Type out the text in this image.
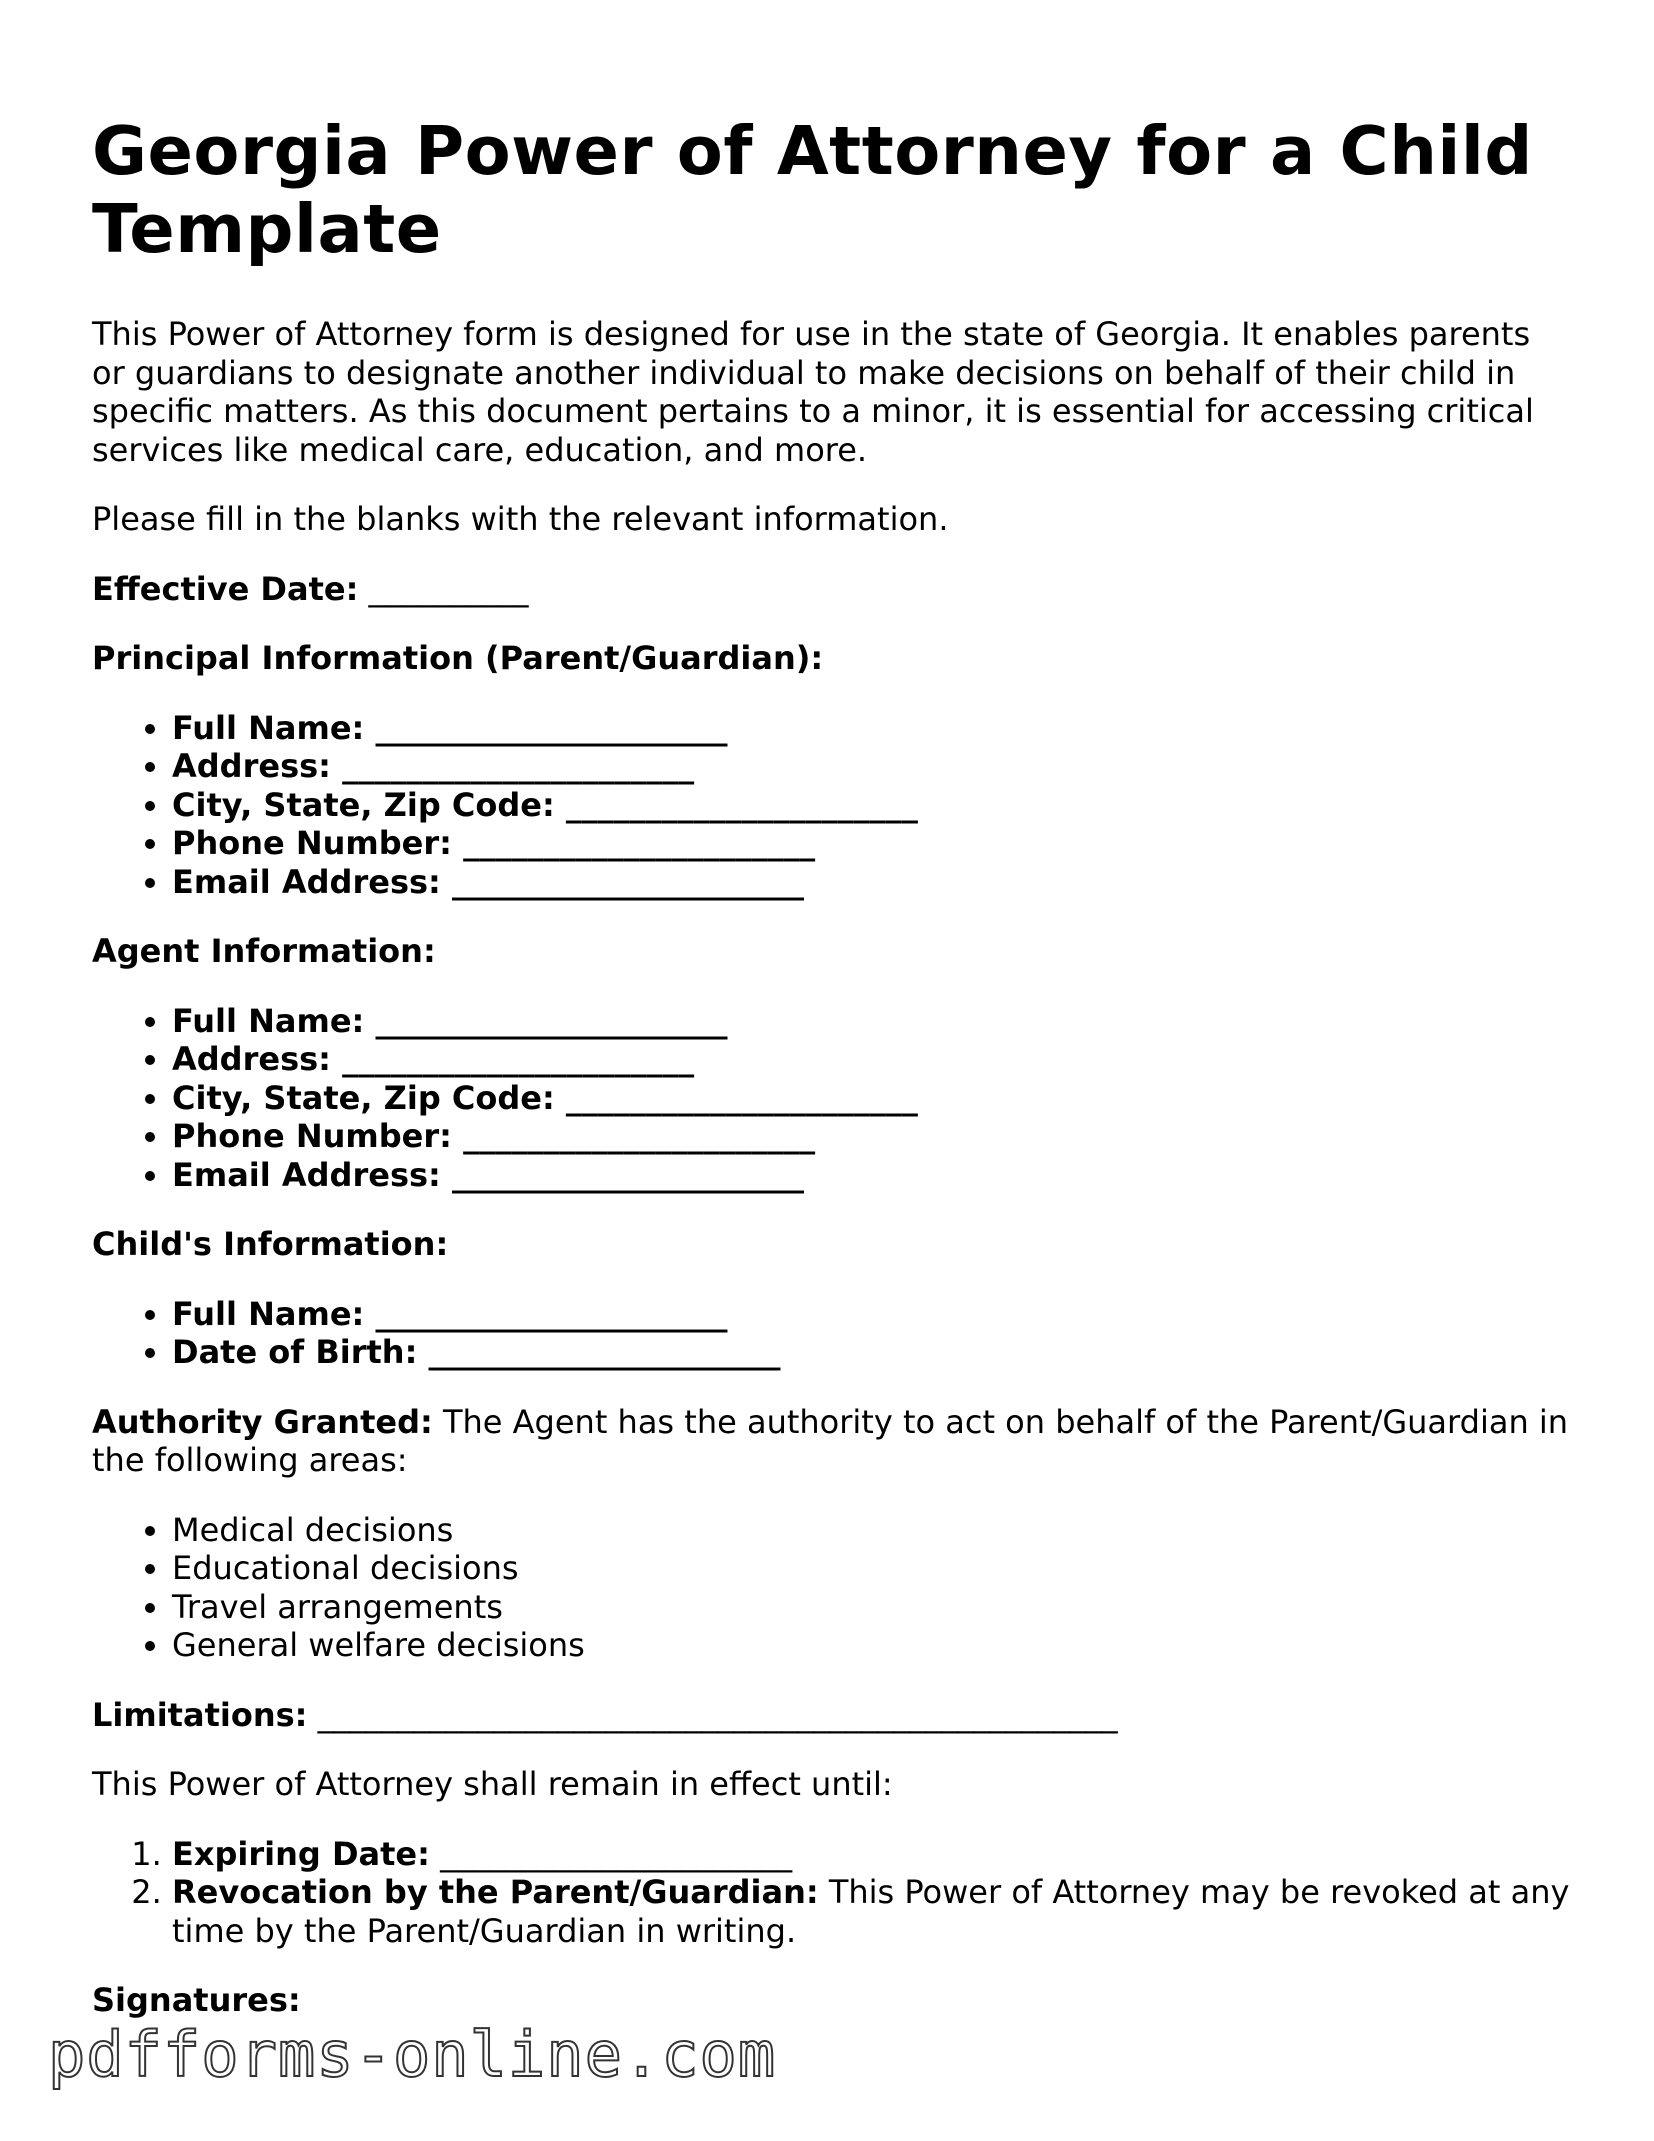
Georgia Power of Attorney for a Child Template

This Power of Attorney form is designed for use in the state of Georgia. It enables parents or guardians to designate another individual to make decisions on behalf of their child in specific matters. As this document pertains to a minor, it is essential for accessing critical services like medical care, education, and more.

Please fill in the blanks with the relevant information.

Effective Date: __________

Principal Information (Parent/Guardian):

• Full Name: ______________________
• Address: ______________________
• City, State, Zip Code: ______________________
• Phone Number: ______________________
• Email Address: ______________________

Agent Information:

• Full Name: ______________________
• Address: ______________________
• City, State, Zip Code: ______________________
• Phone Number: ______________________
• Email Address: ______________________

Child's Information:

• Full Name: ______________________
• Date of Birth: ______________________

Authority Granted: The Agent has the authority to act on behalf of the Parent/Guardian in the following areas:

• Medical decisions
• Educational decisions
• Travel arrangements
• General welfare decisions

Limitations: __________________________________________________

This Power of Attorney shall remain in effect until:

1. Expiring Date: ______________________
2. Revocation by the Parent/Guardian: This Power of Attorney may be revoked at any time by the Parent/Guardian in writing.

Signatures:

pdfforms-online.com
